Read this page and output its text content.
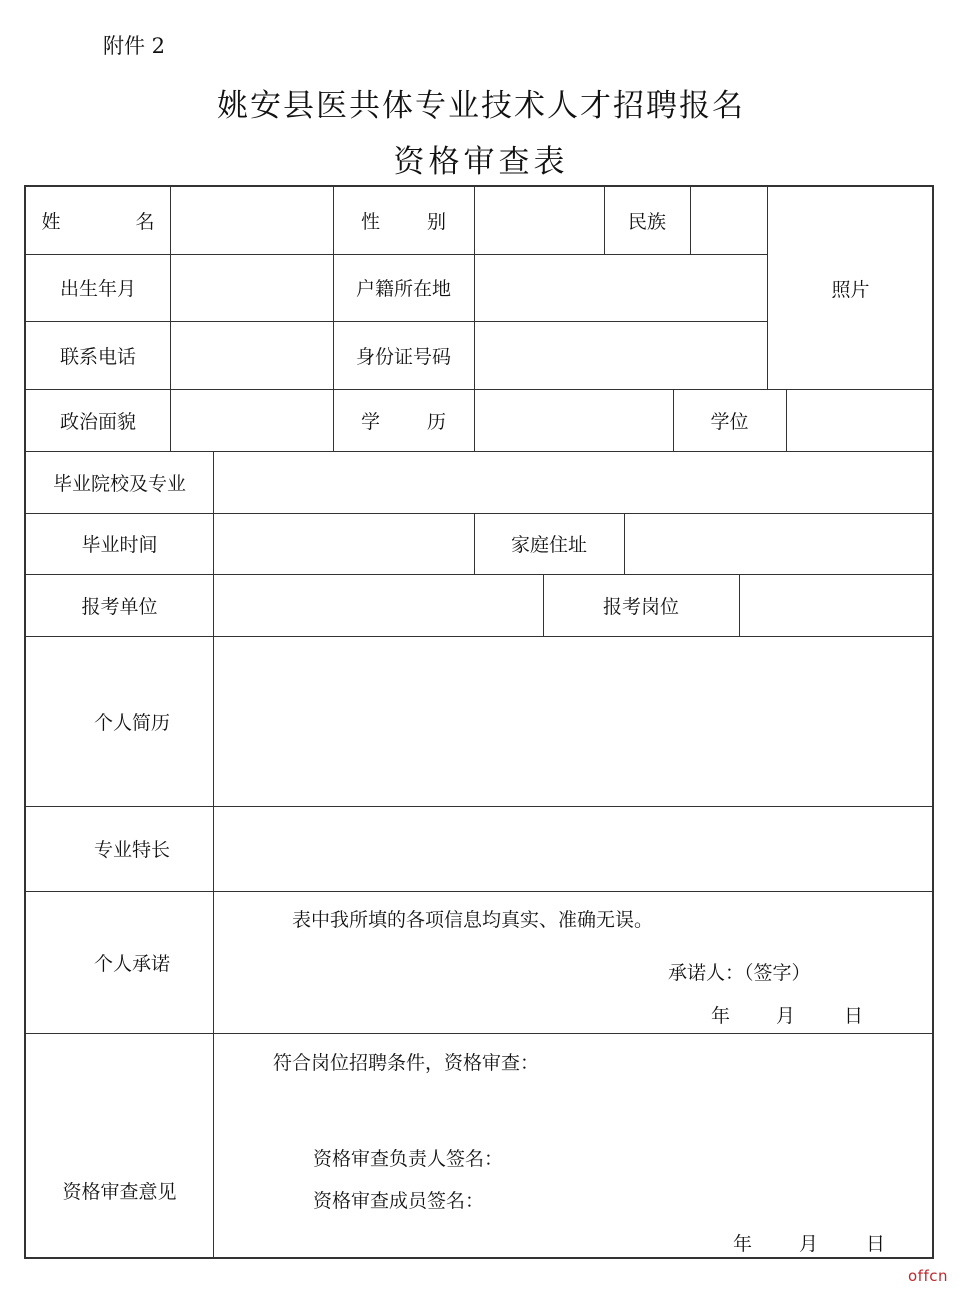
附件 2
姚安县医共体专业技术人才招聘报名
资格审查表
姓　名	性　别	民族
照片
出生年月	户籍所在地
联系电话	身份证号码
政治面貌	学　历	学位
毕业院校及专业
毕业时间	家庭住址
报考单位	报考岗位
个人简历
专业特长
个人承诺
表中我所填的各项信息均真实、准确无误。
承诺人：（签字）
年 月	日
资格审查意见
符合岗位招聘条件，资格审查：
资格审查负责人签名：
资格审查成员签名：
年 月	日
offcn
